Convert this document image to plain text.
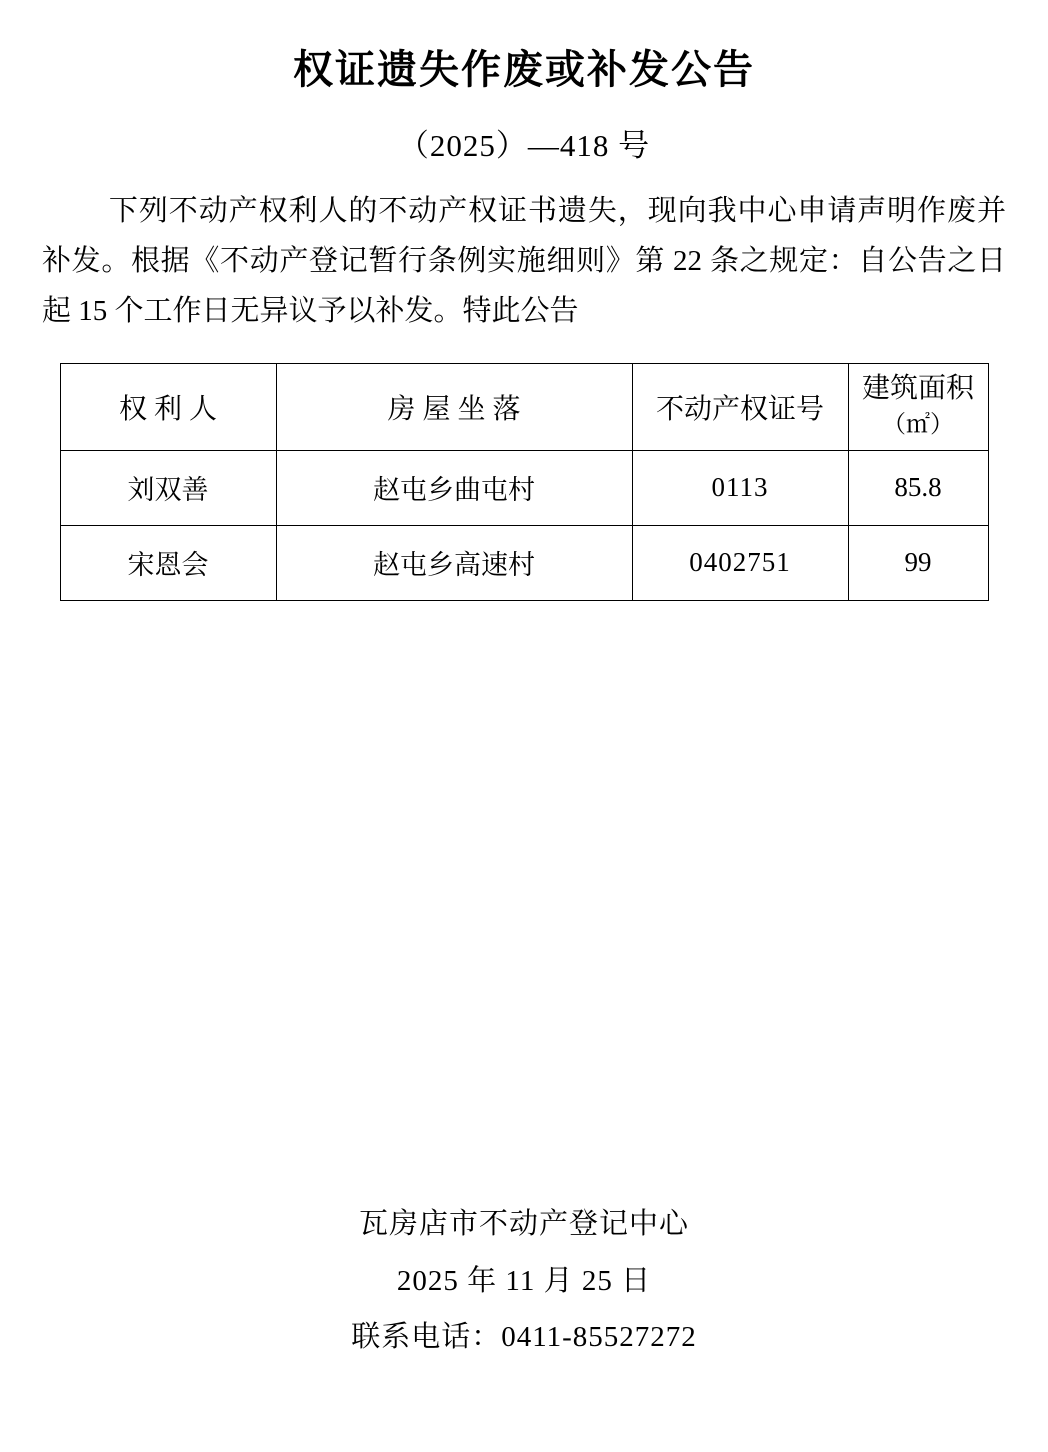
权证遗失作废或补发公告
（2025）—418 号
下列不动产权利人的不动产权证书遗失，现向我中心申请声明作废并补发。根据《不动产登记暂行条例实施细则》第 22 条之规定：自公告之日起 15 个工作日无异议予以补发。特此公告
权 利 人	房 屋 坐 落	不动产权证号	建筑面积
（㎡）

刘双善	赵屯乡曲屯村	0113	85.8
宋恩会	赵屯乡高速村	0402751	99
瓦房店市不动产登记中心
2025 年 11 月 25 日
联系电话：0411-85527272
